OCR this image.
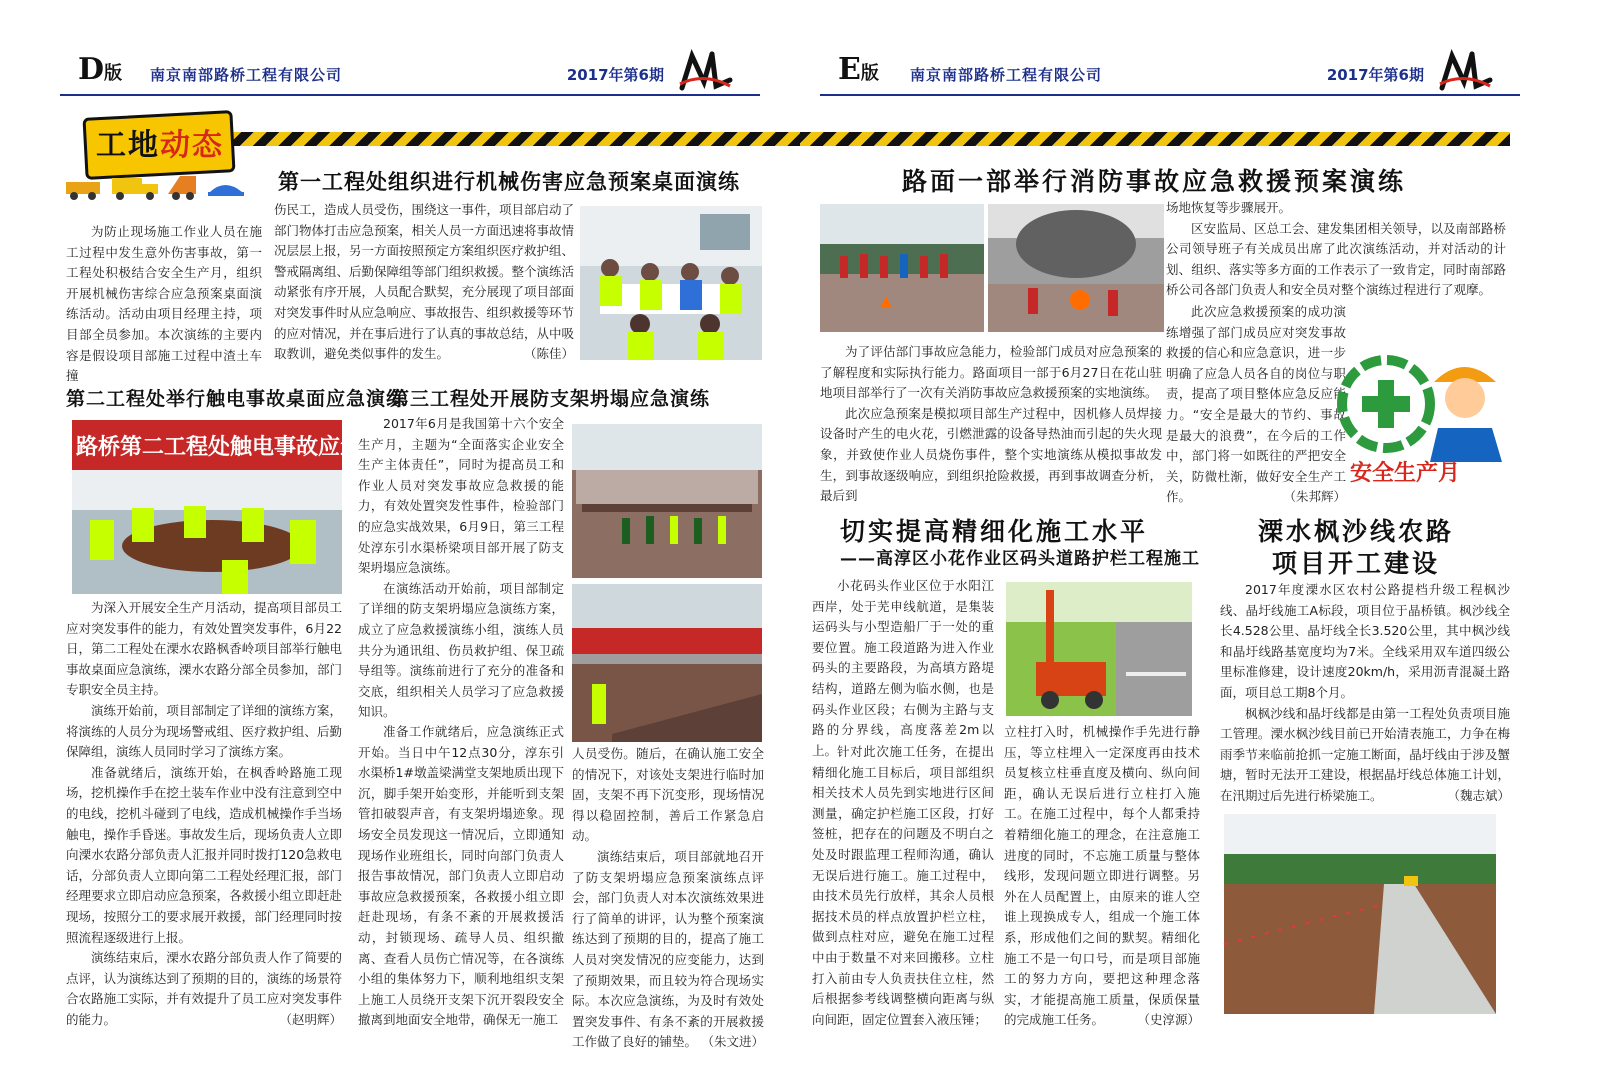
D版 南京南部路桥工程有限公司	2017年第6期
工地动态
第一工程处组织进行机械伤害应急预案桌面演练

为防止现场施工作业人员在施工过程中发生意外伤害事故，第一工程处积极结合安全生产月，组织开展机械伤害综合应急预案桌面演练活动。活动由项目经理主持，项目部全员参加。本次演练的主要内容是假设项目部施工过程中渣土车撞

伤民工，造成人员受伤，围绕这一事件，项目部启动了部门物体打击应急预案，相关人员一方面迅速将事故情况层层上报，另一方面按照预定方案组织医疗救护组、警戒隔离组、后勤保障组等部门组织救援。整个演练活动紧张有序开展，人员配合默契，充分展现了项目部面对突发事件时从应急响应、事故报告、组织救援等环节的应对情况，并在事后进行了认真的事故总结，从中吸取教训，避免类似事件的发生。	（陈佳）

第二工程处举行触电事故桌面应急演练
路桥第二工程处触电事故应急演练

为深入开展安全生产月活动，提高项目部员工应对突发事件的能力，有效处置突发事件，6月22日，第二工程处在溧水农路枫香岭项目部举行触电事故桌面应急演练，溧水农路分部全员参加，部门专职安全员主持。

演练开始前，项目部制定了详细的演练方案，将演练的人员分为现场警戒组、医疗救护组、后勤保障组，演练人员同时学习了演练方案。

准备就绪后，演练开始，在枫香岭路施工现场，挖机操作手在挖土装车作业中没有注意到空中的电线，挖机斗碰到了电线，造成机械操作手当场触电，操作手昏迷。事故发生后，现场负责人立即向溧水农路分部负责人汇报并同时拨打120急救电话，分部负责人立即向第二工程处经理汇报，部门经理要求立即启动应急预案，各救援小组立即赶赴现场，按照分工的要求展开救援，部门经理同时按照流程逐级进行上报。

演练结束后，溧水农路分部负责人作了简要的点评，认为演练达到了预期的目的，演练的场景符合农路施工实际，并有效提升了员工应对突发事件的能力。	（赵明辉）

第三工程处开展防支架坍塌应急演练

2017年6月是我国第十六个安全生产月，主题为“全面落实企业安全生产主体责任”，同时为提高员工和作业人员对突发事故应急救援的能力，有效处置突发性事件，检验部门的应急实战效果，6月9日，第三工程处淳东引水渠桥梁项目部开展了防支架坍塌应急演练。

在演练活动开始前，项目部制定了详细的防支架坍塌应急演练方案，成立了应急救援演练小组，演练人员共分为通讯组、伤员救护组、保卫疏导组等。演练前进行了充分的准备和交底，组织相关人员学习了应急救援知识。

准备工作就绪后，应急演练正式开始。当日中午12点30分，淳东引水渠桥1#墩盖梁满堂支架地质出现下沉，脚手架开始变形，并能听到支架管扣破裂声音，有支架坍塌迹象。现场安全员发现这一情况后，立即通知现场作业班组长，同时向部门负责人报告事故情况，部门负责人立即启动事故应急救援预案，各救援小组立即赶赴现场，有条不紊的开展救援活动，封锁现场、疏导人员、组织撤离、查看人员伤亡情况等，在各演练小组的集体努力下，顺利地组织支架上施工人员绕开支架下沉开裂段安全撤离到地面安全地带，确保无一施工

人员受伤。随后，在确认施工安全的情况下，对该处支架进行临时加固，支架不再下沉变形，现场情况得以稳固控制，善后工作紧急启动。

演练结束后，项目部就地召开了防支架坍塌应急预案演练点评会，部门负责人对本次演练效果进行了简单的讲评，认为整个预案演练达到了预期的目的，提高了施工人员对突发情况的应变能力，达到了预期效果，而且较为符合现场实际。本次应急演练，为及时有效处置突发事件、有条不紊的开展救援工作做了良好的铺垫。 （朱文进）

E版 南京南部路桥工程有限公司	2017年第6期
路面一部举行消防事故应急救援预案演练

为了评估部门事故应急能力，检验部门成员对应急预案的了解程度和实际执行能力。路面项目一部于6月27日在花山驻地项目部举行了一次有关消防事故应急救援预案的实地演练。

此次应急预案是模拟项目部生产过程中，因机修人员焊接设备时产生的电火花，引燃泄露的设备导热油而引起的失火现象，并致使作业人员烧伤事件，整个实地演练从模拟事故发生，到事故逐级响应，到组织抢险救援，再到事故调查分析，最后到

场地恢复等步骤展开。

区安监局、区总工会、建发集团相关领导，以及南部路桥公司领导班子有关成员出席了此次演练活动，并对活动的计划、组织、落实等多方面的工作表示了一致肯定，同时南部路桥公司各部门负责人和安全员对整个演练过程进行了观摩。

此次应急救援预案的成功演练增强了部门成员应对突发事故救援的信心和应急意识，进一步明确了应急人员各自的岗位与职责，提高了项目整体应急反应能力。“安全是最大的节约、事故是最大的浪费”，在今后的工作中，部门将一如既往的严把安全关，防微杜渐，做好安全生产工作。	（朱邦辉）

安全生产月
切实提高精细化施工水平
——高淳区小花作业区码头道路护栏工程施工

小花码头作业区位于水阳江西岸，处于芜申线航道，是集装运码头与小型造船厂于一处的重要位置。施工段道路为进入作业码头的主要路段，为高填方路堤结构，道路左侧为临水侧，也是码头作业区段；右侧为主路与支路的分界线，高度落差2m以上。 针对此次施工任务，在提出精细化施工目标后，项目部组织相关技术人员先到实地进行区间测量，确定护栏施工区段，打好签桩，把存在的问题及不明白之处及时跟监理工程师沟通，确认无误后进行施工。施工过程中，由技术员先行放样，其余人员根据技术员的样点放置护栏立柱，做到点柱对应，避免在施工过程中由于数量不对来回搬移。立柱打入前由专人负责扶住立柱，然后根据参考线调整横向距离与纵向间距，固定位置套入液压锤；

立柱打入时，机械操作手先进行静压，等立柱埋入一定深度再由技术员复核立柱垂直度及横向、纵向间距，确认无误后进行立柱打入施工。在施工过程中，每个人都秉持着精细化施工的理念，在注意施工进度的同时，不忘施工质量与整体线形，发现问题立即进行调整。另外在人员配置上，由原来的谁人空谁上现换成专人，组成一个施工体系，形成他们之间的默契。精细化施工不是一句口号，而是项目部施工的努力方向，要把这种理念落实，才能提高施工质量，保质保量的完成施工任务。	（史淳源）

溧水枫沙线农路
项目开工建设

2017年度溧水区农村公路提档升级工程枫沙线、晶圩线施工A标段，项目位于晶桥镇。枫沙线全长4.528公里、晶圩线全长3.520公里，其中枫沙线和晶圩线路基宽度均为7米。全线采用双车道四级公里标准修建，设计速度20km/h，采用沥青混凝土路面，项目总工期8个月。

枫枫沙线和晶圩线都是由第一工程处负责项目施工管理。溧水枫沙线目前已开始清表施工，力争在梅雨季节来临前抢抓一定施工断面，晶圩线由于涉及蟹塘，暂时无法开工建设，根据晶圩线总体施工计划，在汛期过后先进行桥梁施工。	（魏志斌）
